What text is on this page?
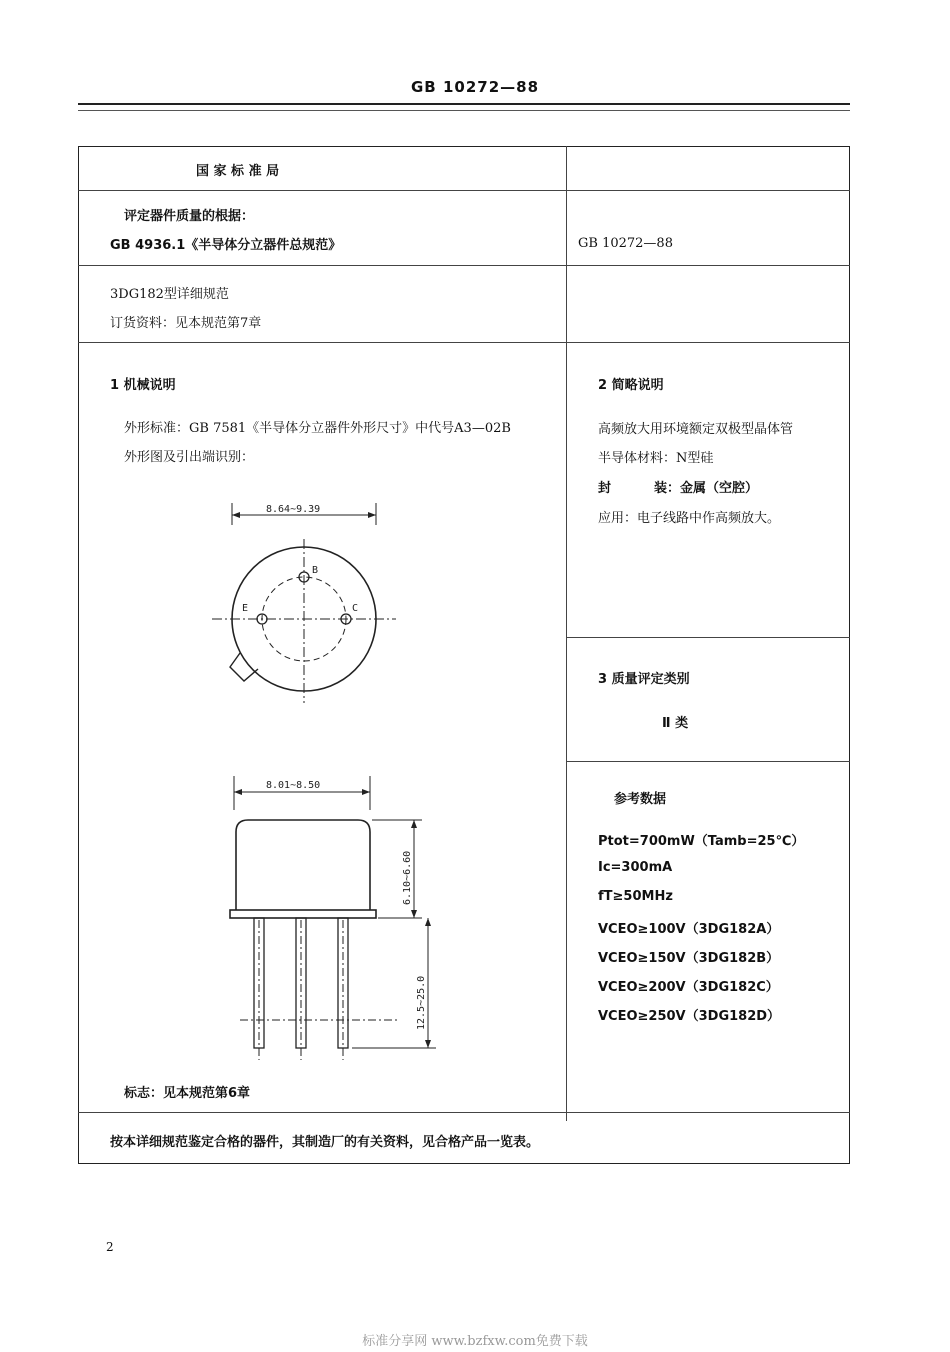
GB 10272—88
国 家 标 准 局
评定器件质量的根据：
GB 4936.1《半导体分立器件总规范》	GB 10272—88
3DG182型详细规范
订货资料：见本规范第7章
1 机械说明
外形标准：GB 7581《半导体分立器件外形尺寸》中代号A3—02B
外形图及引出端识别：
8.64~9.39
B
E	C
8.01~8.50
6.10~6.60
12.5~25.0
标志：见本规范第6章
2 简略说明
高频放大用环境额定双极型晶体管
半导体材料：N型硅
封	装：金属（空腔）
应用：电子线路中作高频放大。
3 质量评定类别
Ⅱ 类
参考数据
Ptot=700mW（Tamb=25℃）
Ic=300mA
fT≥50MHz
VCEO≥100V（3DG182A）
VCEO≥150V（3DG182B）
VCEO≥200V（3DG182C）
VCEO≥250V（3DG182D）
按本详细规范鉴定合格的器件，其制造厂的有关资料，见合格产品一览表。
2
标准分享网 www.bzfxw.com免费下载
